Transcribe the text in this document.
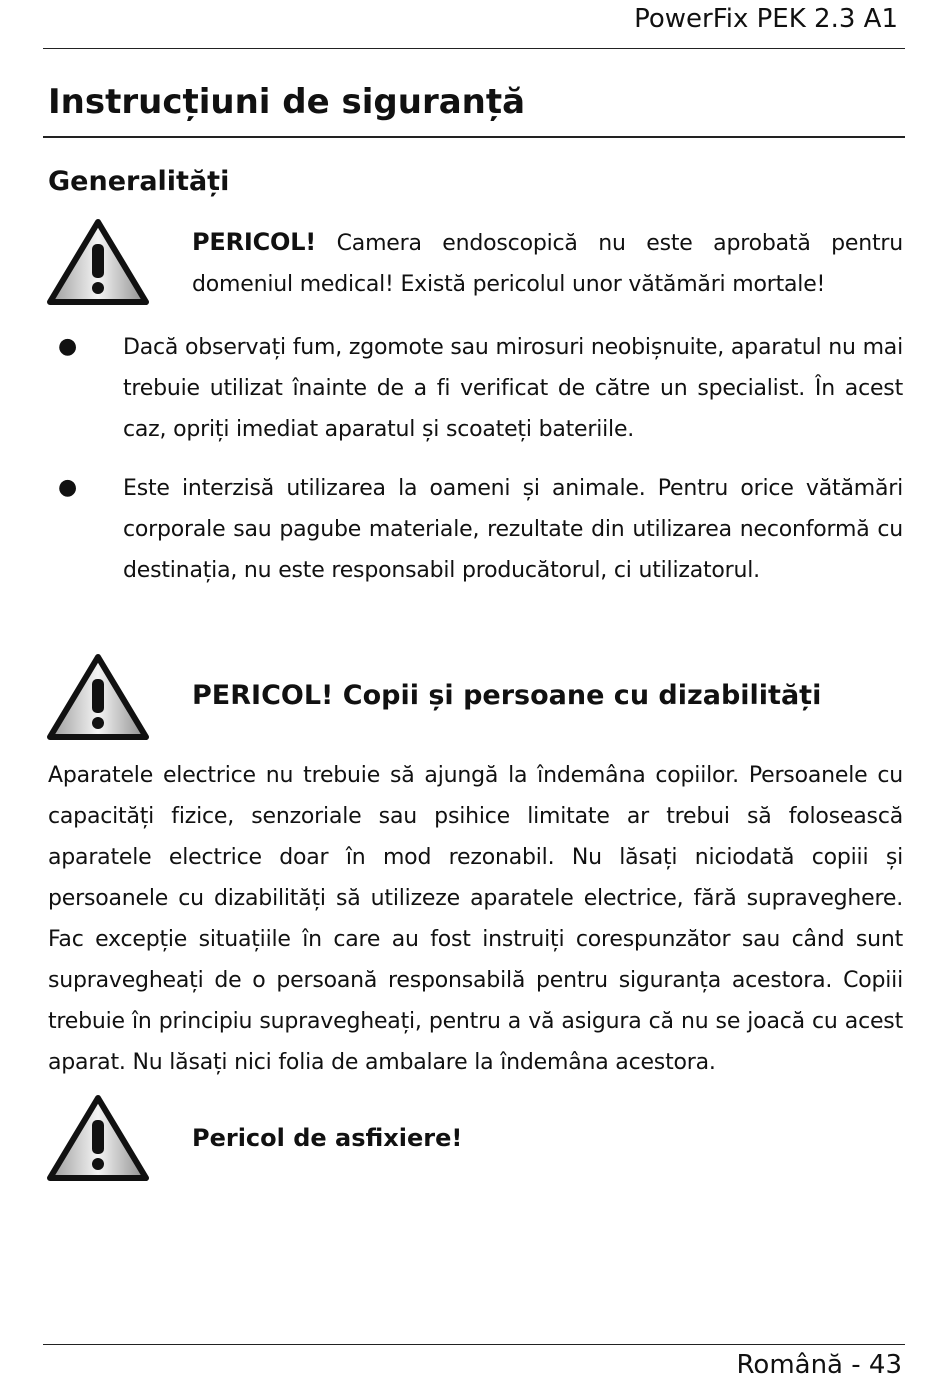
PowerFix PEK 2.3 A1
Instrucțiuni de siguranță
Generalități
PERICOL! Camera endoscopică nu este aprobată pentru domeniul medical! Există pericolul unor vătămări mortale!
● Dacă observați fum, zgomote sau mirosuri neobișnuite, aparatul nu mai trebuie utilizat înainte de a fi verificat de către un specialist. În acest caz, opriți imediat aparatul și scoateți bateriile.
● Este interzisă utilizarea la oameni și animale. Pentru orice vătămări corporale sau pagube materiale, rezultate din utilizarea neconformă cu destinația, nu este responsabil producătorul, ci utilizatorul.
PERICOL! Copii și persoane cu dizabilități
Aparatele electrice nu trebuie să ajungă la îndemâna copiilor. Persoanele cu capacități fizice, senzoriale sau psihice limitate ar trebui să folosească aparatele electrice doar în mod rezonabil. Nu lăsați niciodată copiii și persoanele cu dizabilități să utilizeze aparatele electrice, fără supraveghere. Fac excepție situațiile în care au fost instruiți corespunzător sau când sunt supravegheați de o persoană responsabilă pentru siguranța acestora. Copiii trebuie în principiu supravegheați, pentru a vă asigura că nu se joacă cu acest aparat. Nu lăsați nici folia de ambalare la îndemâna acestora.
Pericol de asfixiere!
Română - 43
